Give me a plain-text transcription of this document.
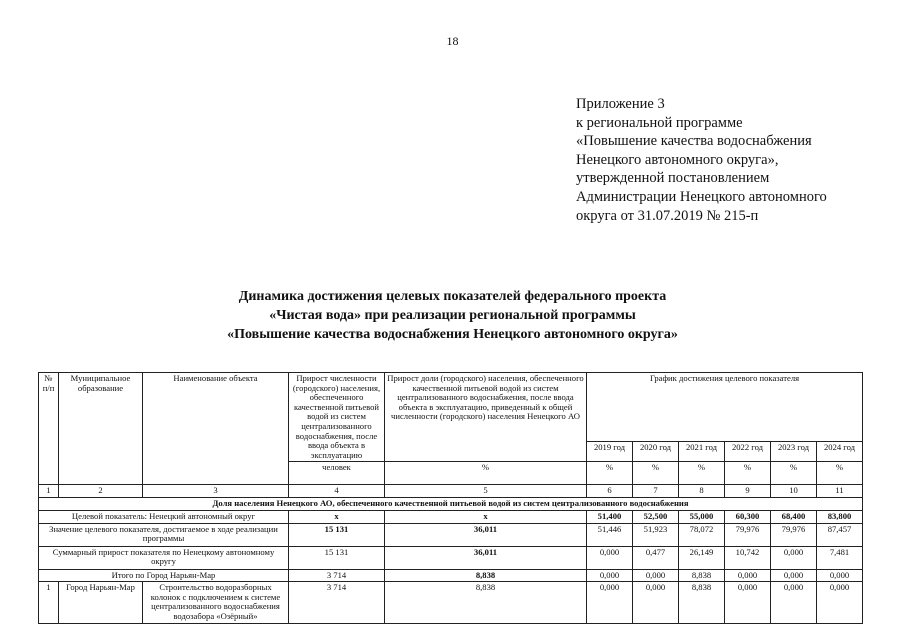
18
Приложение 3
к региональной программе
«Повышение качества водоснабжения
Ненецкого автономного округа»,
утвержденной постановлением
Администрации Ненецкого автономного
округа от 31.07.2019 № 215-п
Динамика достижения целевых показателей федерального проекта
«Чистая вода» при реализации региональной программы
«Повышение качества водоснабжения Ненецкого автономного округа»
№ п/п	Муниципальное образование	Наименование объекта	Прирост численности (городского) населения, обеспеченного качественной питьевой водой из систем централизованного водоснабжения, после ввода объекта в эксплуатацию	Прирост доли (городского) населения, обеспеченного качественной питьевой водой из систем централизованного водоснабжения, после ввода объекта в эксплуатацию, приведенный к общей численности (городского) населения Ненецкого АО	График достижения целевого показателя					
					2019 год	2020 год	2021 год	2022 год	2023 год	2024 год
			человек	%	%	%	%	%	%	%
1	2	3	4	5	6	7	8	9	10	11
Доля населения Ненецкого АО, обеспеченного качественной питьевой водой из систем централизованного водоснабжения										
Целевой показатель: Ненецкий автономный округ			х	х	51,400	52,500	55,000	60,300	68,400	83,800
Значение целевого показателя, достигаемое в ходе реализации программы			15 131	36,011	51,446	51,923	78,072	79,976	79,976	87,457
Суммарный прирост показателя по Ненецкому автономному округу			15 131	36,011	0,000	0,477	26,149	10,742	0,000	7,481
Итого по Город Нарьян-Мар			3 714	8,838	0,000	0,000	8,838	0,000	0,000	0,000
1	Город Нарьян-Мар	Строительство водоразборных колонок с подключением к системе централизованного водоснабжения водозабора «Озёрный»	3 714	8,838	0,000	0,000	8,838	0,000	0,000	0,000
